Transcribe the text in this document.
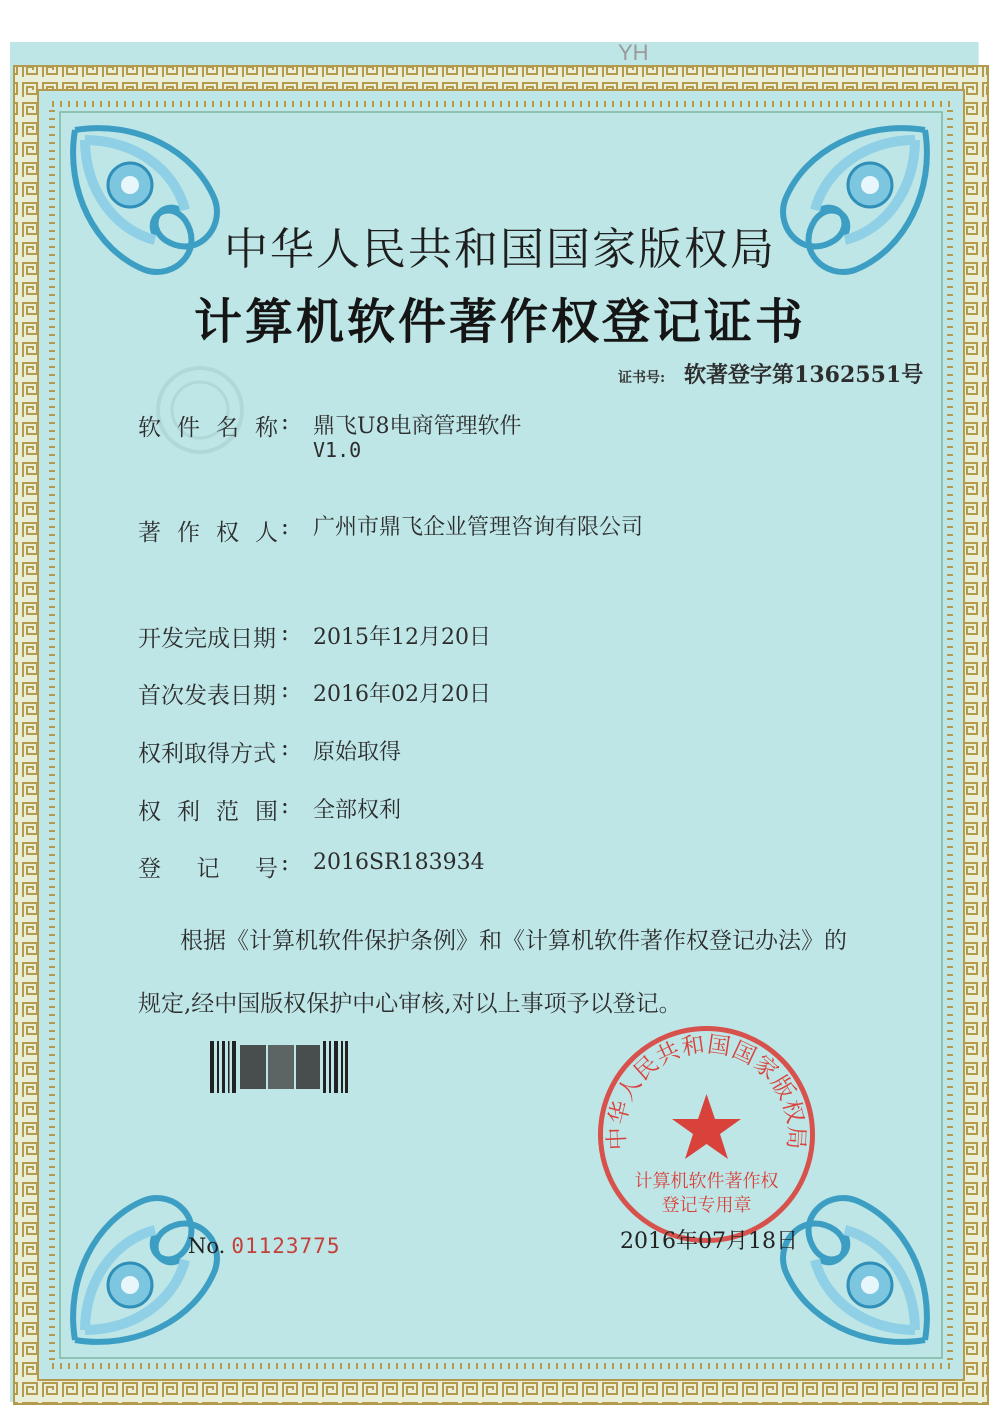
YH
中华人民共和国国家版权局
计算机软件著作权登记证书
证书号: 软著登字第1362551号
软 件 名 称 : 鼎飞U8电商管理软件
V1.0
著 作 权 人 : 广州市鼎飞企业管理咨询有限公司
开发完成日期 : 2015年12月20日
首次发表日期 : 2016年02月20日
权利取得方式 : 原始取得
权 利 范 围 : 全部权利
登 记 号 : 2016SR183934
根据《计算机软件保护条例》和《计算机软件著作权登记办法》的
规定,经中国版权保护中心审核,对以上事项予以登记。
No. 01123775
中华人民共和国国家版权局
计算机软件著作权
登记专用章
2016年07月18日
